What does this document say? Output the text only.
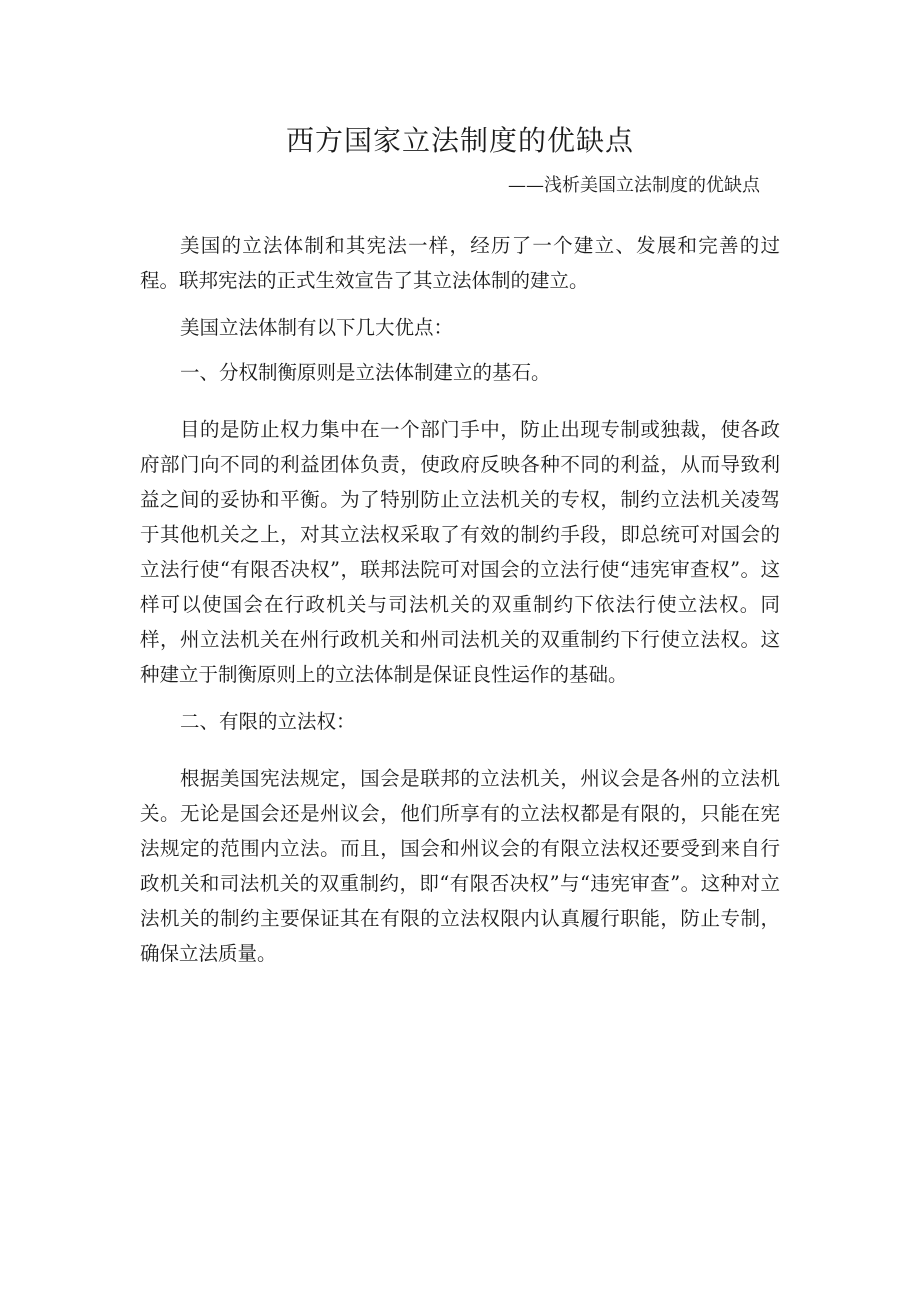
西方国家立法制度的优缺点

——浅析美国立法制度的优缺点

美国的立法体制和其宪法一样，经历了一个建立、发展和完善的过程。联邦宪法的正式生效宣告了其立法体制的建立。

美国立法体制有以下几大优点：

一、分权制衡原则是立法体制建立的基石。

目的是防止权力集中在一个部门手中，防止出现专制或独裁，使各政府部门向不同的利益团体负责，使政府反映各种不同的利益，从而导致利益之间的妥协和平衡。为了特别防止立法机关的专权，制约立法机关凌驾于其他机关之上，对其立法权采取了有效的制约手段，即总统可对国会的立法行使“有限否决权”，联邦法院可对国会的立法行使“违宪审查权”。这样可以使国会在行政机关与司法机关的双重制约下依法行使立法权。同样，州立法机关在州行政机关和州司法机关的双重制约下行使立法权。这种建立于制衡原则上的立法体制是保证良性运作的基础。

二、有限的立法权：

根据美国宪法规定，国会是联邦的立法机关，州议会是各州的立法机关。无论是国会还是州议会，他们所享有的立法权都是有限的，只能在宪法规定的范围内立法。而且，国会和州议会的有限立法权还要受到来自行政机关和司法机关的双重制约，即“有限否决权”与“违宪审查”。这种对立法机关的制约主要保证其在有限的立法权限内认真履行职能，防止专制，确保立法质量。
